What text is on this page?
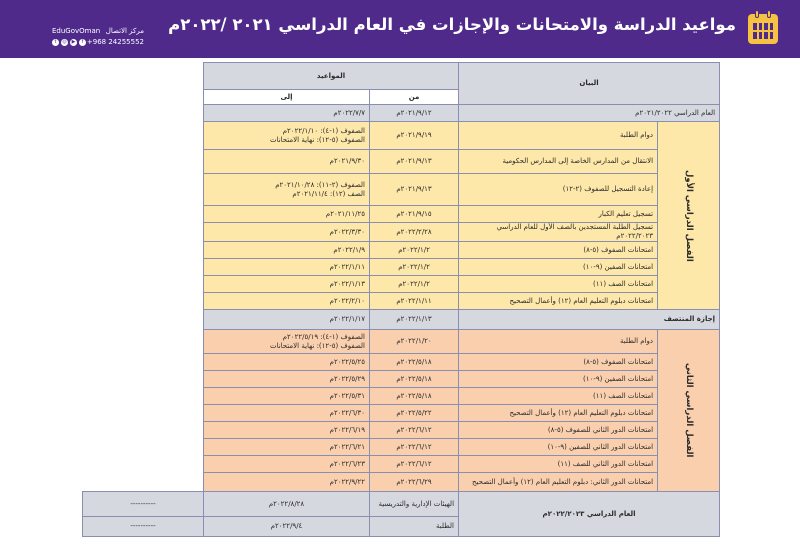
مواعيد الدراسة والامتحانات والإجازات في العام الدراسي ٢٠٢١ /٢٠٢٢م
EduGovOman مركز الاتصال
t	◎ ▶	f +968 24255552
البيان		المواعيد		
		من	إلى	
العام الدراسي ٢٠٢١/٢٠٢٢م		٢٠٢١/٩/١٢م	٢٠٢٢/٧/٧م	

الفصل الدراسي الأول	دوام الطلبة	٢٠٢١/٩/١٩م	الصفوف (١-٤): ٢٠٢٢/١/١٠م
الصفوف (٥-١٢): نهاية الامتحانات	

	الانتقال من المدارس الخاصة إلى المدارس الحكومية	٢٠٢١/٩/١٣م	٢٠٢١/٩/٣٠م	
	إعادة التسجيل للصفوف (٢-١٢)	٢٠٢١/٩/١٣م	الصفوف (٢-١١): ٢٠٢١/١٠/٢٨م
الصف (١٢): ٢٠٢١/١١/٤م	

	تسجيل تعليم الكبار	٢٠٢١/٩/١٥م	٢٠٢١/١١/٢٥م	
	تسجيل الطلبة المستجدين بالصف الأول للعام الدراسي ٢٠٢٢/٢٠٢٣م	٢٠٢٢/٢/٢٨م	٢٠٢٢/٣/٣٠م	
	امتحانات الصفوف (٥-٨)	٢٠٢٢/١/٢م	٢٠٢٢/١/٩م	
	امتحانات الصفين (٩-١٠)	٢٠٢٢/١/٢م	٢٠٢٢/١/١١م	
	امتحانات الصف (١١)	٢٠٢٢/١/٢م	٢٠٢٢/١/١٣م	
	امتحانات دبلوم التعليم العام (١٢) وأعمال التصحيح	٢٠٢٢/١/١١م	٢٠٢٢/٢/١٠م	
إجازة المنتصف		٢٠٢٢/١/١٣م	٢٠٢٢/١/١٧م	

الفصل الدراسي الثاني	دوام الطلبة	٢٠٢٢/١/٢٠م	الصفوف (١-٤): ٢٠٢٢/٥/١٩م
الصفوف (٥-١٢): نهاية الامتحانات	

	امتحانات الصفوف (٥-٨)	٢٠٢٢/٥/١٨م	٢٠٢٢/٥/٢٥م	
	امتحانات الصفين (٩-١٠)	٢٠٢٢/٥/١٨م	٢٠٢٢/٥/٢٩م	
	امتحانات الصف (١١)	٢٠٢٢/٥/١٨م	٢٠٢٢/٥/٣١م	
	امتحانات دبلوم التعليم العام (١٢) وأعمال التصحيح	٢٠٢٢/٥/٢٢م	٢٠٢٢/٦/٣٠م	
	امتحانات الدور الثاني للصفوف (٥-٨)	٢٠٢٢/٦/١٢م	٢٠٢٢/٦/١٩م	
	امتحانات الدور الثاني للصفين (٩-١٠)	٢٠٢٢/٦/١٢م	٢٠٢٢/٦/٢١م	
	امتحانات الدور الثاني للصف (١١)	٢٠٢٢/٦/١٢م	٢٠٢٢/٦/٢٣م	
	امتحانات الدور الثاني: دبلوم التعليم العام (١٢) وأعمال التصحيح	٢٠٢٢/٦/٢٩م	٢٠٢٢/٩/٢٢م	
العام الدراسي ٢٠٢٢/٢٠٢٣م		الهيئات الإدارية والتدريسية	٢٠٢٢/٨/٢٨م	----------
		الطلبة	٢٠٢٢/٩/٤م	----------
